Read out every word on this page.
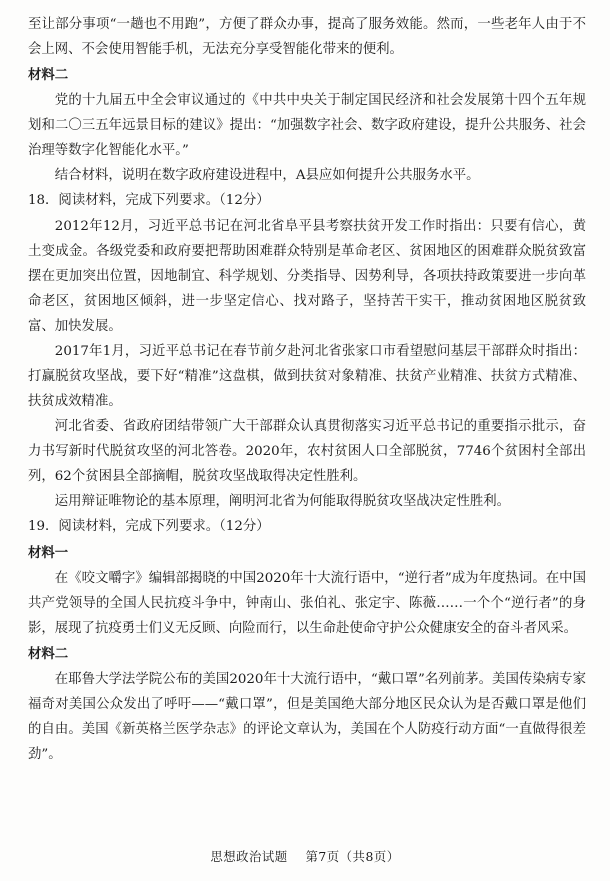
至让部分事项“一趟也不用跑”，方便了群众办事，提高了服务效能。然而，一些老年人由于不会上网、不会使用智能手机，无法充分享受智能化带来的便利。

材料二

党的十九届五中全会审议通过的《中共中央关于制定国民经济和社会发展第十四个五年规划和二〇三五年远景目标的建议》提出：“加强数字社会、数字政府建设，提升公共服务、社会治理等数字化智能化水平。”

结合材料，说明在数字政府建设进程中，A县应如何提升公共服务水平。

18．阅读材料，完成下列要求。（12分）

2012年12月，习近平总书记在河北省阜平县考察扶贫开发工作时指出：只要有信心，黄土变成金。各级党委和政府要把帮助困难群众特别是革命老区、贫困地区的困难群众脱贫致富摆在更加突出位置，因地制宜、科学规划、分类指导、因势利导，各项扶持政策要进一步向革命老区，贫困地区倾斜，进一步坚定信心、找对路子，坚持苦干实干，推动贫困地区脱贫致富、加快发展。

2017年1月，习近平总书记在春节前夕赴河北省张家口市看望慰问基层干部群众时指出：打赢脱贫攻坚战，要下好“精准”这盘棋，做到扶贫对象精准、扶贫产业精准、扶贫方式精准、扶贫成效精准。

河北省委、省政府团结带领广大干部群众认真贯彻落实习近平总书记的重要指示批示，奋力书写新时代脱贫攻坚的河北答卷。2020年，农村贫困人口全部脱贫，7746个贫困村全部出列，62个贫困县全部摘帽，脱贫攻坚战取得决定性胜利。

运用辩证唯物论的基本原理，阐明河北省为何能取得脱贫攻坚战决定性胜利。

19．阅读材料，完成下列要求。（12分）

材料一

在《咬文嚼字》编辑部揭晓的中国2020年十大流行语中，“逆行者”成为年度热词。在中国共产党领导的全国人民抗疫斗争中，钟南山、张伯礼、张定宇、陈薇……一个个“逆行者”的身影，展现了抗疫勇士们义无反顾、向险而行，以生命赴使命守护公众健康安全的奋斗者风采。

材料二

在耶鲁大学法学院公布的美国2020年十大流行语中，“戴口罩”名列前茅。美国传染病专家福奇对美国公众发出了呼吁——“戴口罩”，但是美国绝大部分地区民众认为是否戴口罩是他们的自由。美国《新英格兰医学杂志》的评论文章认为，美国在个人防疫行动方面“一直做得很差劲”。

思想政治试题 第7页（共8页）
